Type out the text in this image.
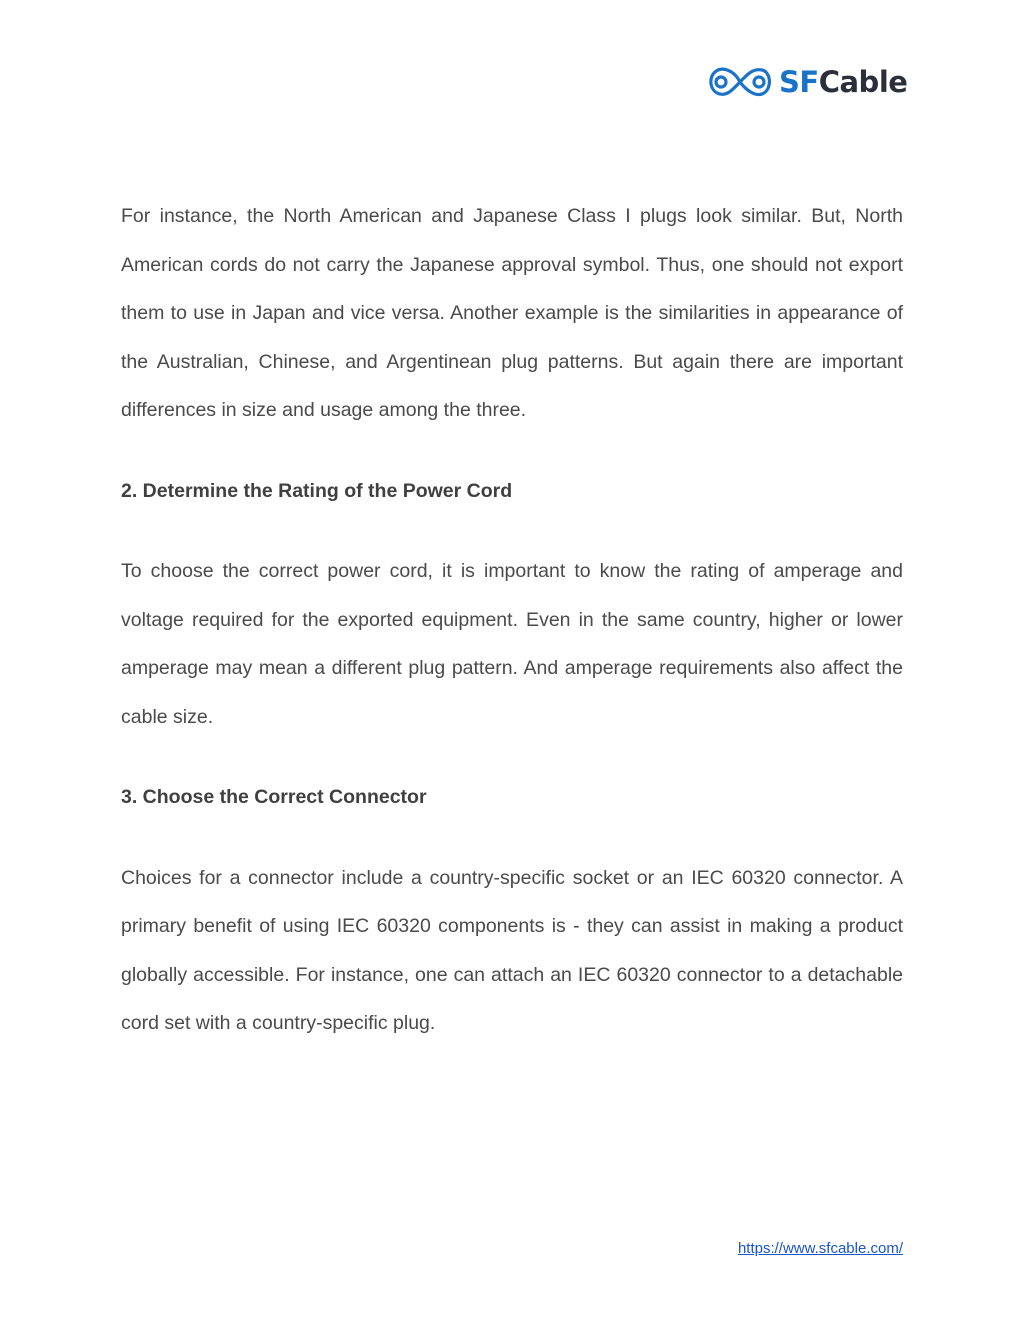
SFCable

For instance, the North American and Japanese Class I plugs look similar. But, North American cords do not carry the Japanese approval symbol. Thus, one should not export them to use in Japan and vice versa. Another example is the similarities in appearance of the Australian, Chinese, and Argentinean plug patterns. But again there are important differences in size and usage among the three.

2. Determine the Rating of the Power Cord

To choose the correct power cord, it is important to know the rating of amperage and voltage required for the exported equipment. Even in the same country, higher or lower amperage may mean a different plug pattern. And amperage requirements also affect the cable size.

3. Choose the Correct Connector

Choices for a connector include a country-specific socket or an IEC 60320 connector. A primary benefit of using IEC 60320 components is - they can assist in making a product globally accessible. For instance, one can attach an IEC 60320 connector to a detachable cord set with a country-specific plug.

https://www.sfcable.com/
